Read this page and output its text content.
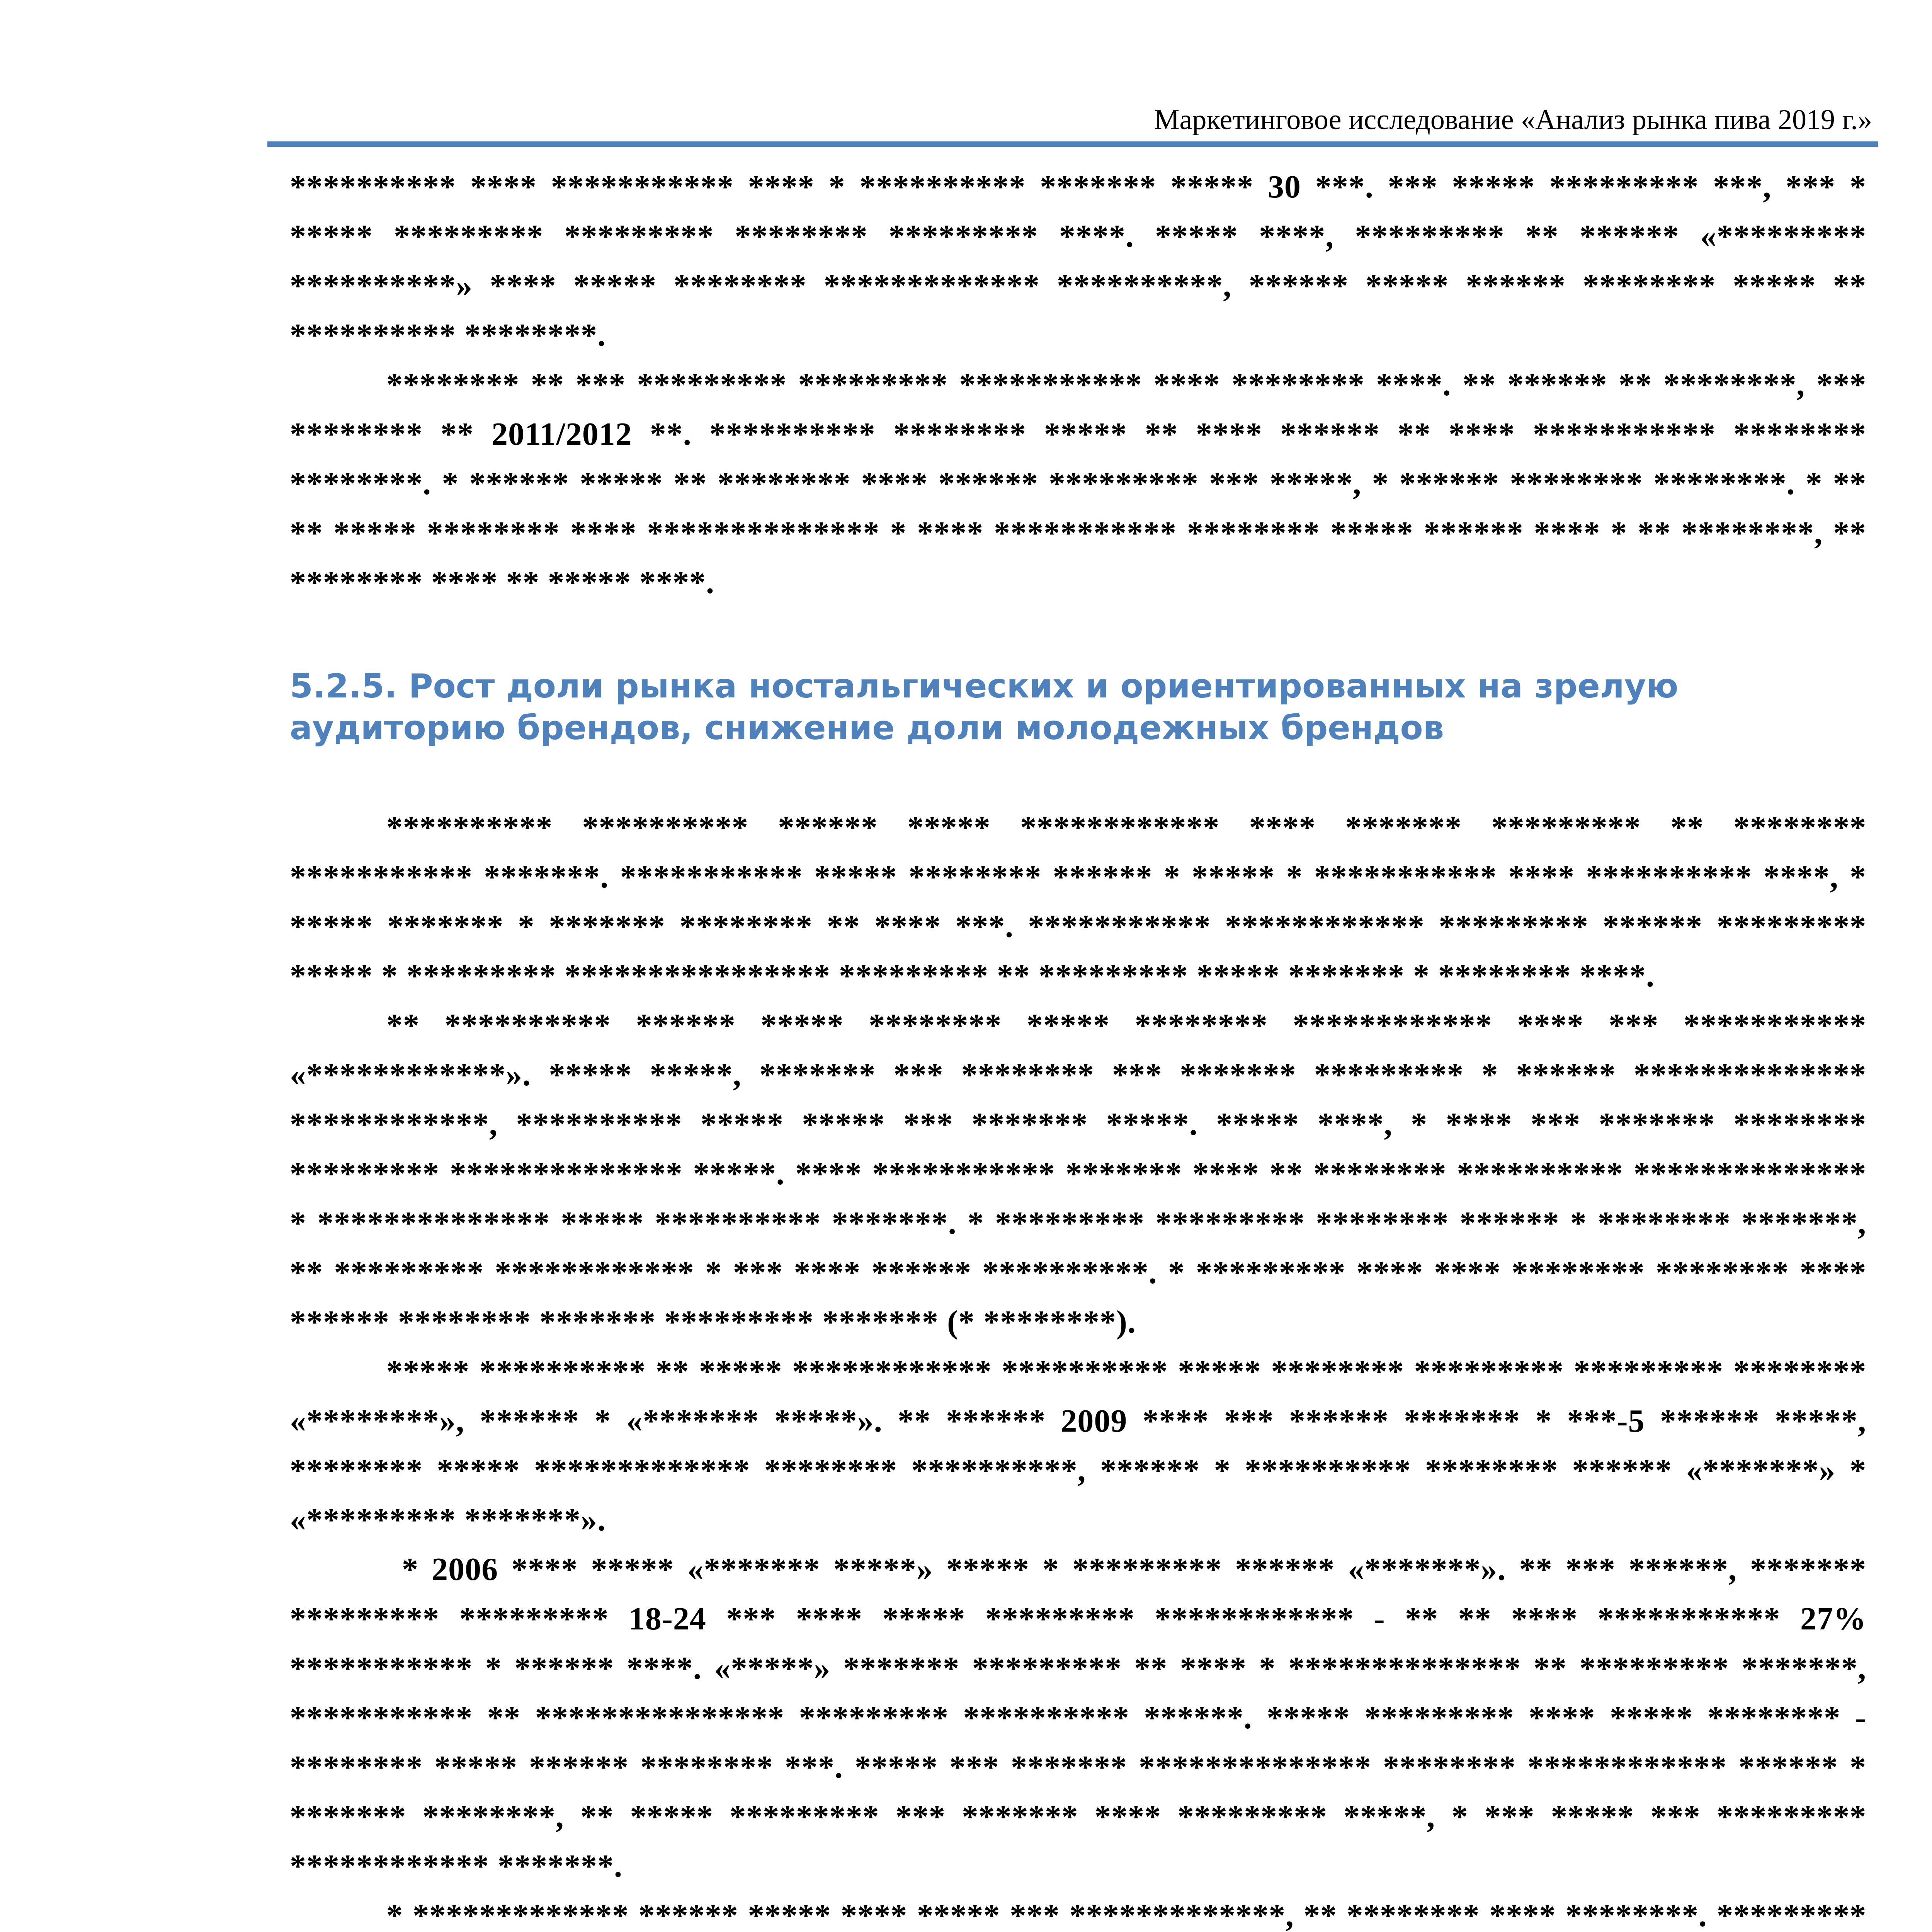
Маркетинговое исследование «Анализ рынка пива 2019 г.»

********** **** *********** **** * ********** ******* ***** 30 ***. *** ***** ********* ***, *** * ***** ********* ********* ******** ********* ****. ***** ****, ********* ** ****** «********* **********» **** ***** ******** ************* **********, ****** ***** ****** ******** ***** ** ********** ********.

******** ** *** ********* ********* *********** **** ******** ****. ** ****** ** ********, *** ******** ** 2011/2012 **. ********** ******** ***** ** **** ****** ** **** *********** ******** ********. * ****** ***** ** ******** **** ****** ********* *** *****, * ****** ******** ********. * ** ** ***** ******** **** ************** * **** *********** ******** ***** ****** **** * ** ********, ** ******** **** ** ***** ****.

5.2.5. Рост доли рынка ностальгических и ориентированных на зрелую аудиторию брендов, снижение доли молодежных брендов

********** ********** ****** ***** ************ **** ******* ********* ** ******** *********** *******. *********** ***** ******** ****** * ***** * *********** **** ********** ****, * ***** ******* * ******* ******** ** **** ***. *********** ************ ********* ****** ********* ***** * ********* **************** ********* ** ********* ***** ******* * ******** ****.

** ********** ****** ***** ******** ***** ******** ************ **** *** *********** «************». ***** *****, ******* *** ******** *** ******* ********* * ****** ************** ************, ********** ***** ***** *** ******* *****. ***** ****, * **** *** ******* ******** ********* ************** *****. **** *********** ******* **** ** ******** ********** ************** * ************** ***** ********** *******. * ********* ********* ******** ****** * ******** *******, ** ********* ************ * *** **** ****** **********. * ********* **** **** ******** ******** **** ****** ******** ******* ********* ******* (* ********).

***** ********** ** ***** ************ ********** ***** ******** ********* ********* ******** «********», ****** * «******* *****». ** ****** 2009 **** *** ****** ******* * ***-5 ****** *****, ******** ***** ************* ******** **********, ****** * ********** ******** ****** «*******» * «********* *******».

* 2006 **** ***** «******* *****» ***** * ********* ****** «*******». ** *** ******, ******* ********* ********* 18-24 *** **** ***** ********* ************ - ** ** **** *********** 27% *********** * ****** ****. «*****» ******* ********* ** **** * ************** ** ********* *******, *********** ** *************** ********* ********** ******. ***** ********* **** ***** ******** - ******** ***** ****** ******** ***. ***** *** ******* ************** ******** ************ ****** * ******* ********, ** ***** ********* *** ******* **** ********* *****, * *** ***** *** ********* ************ *******.

* ************* ****** ***** **** ***** *** *************, ** ******** **** ********. *********
